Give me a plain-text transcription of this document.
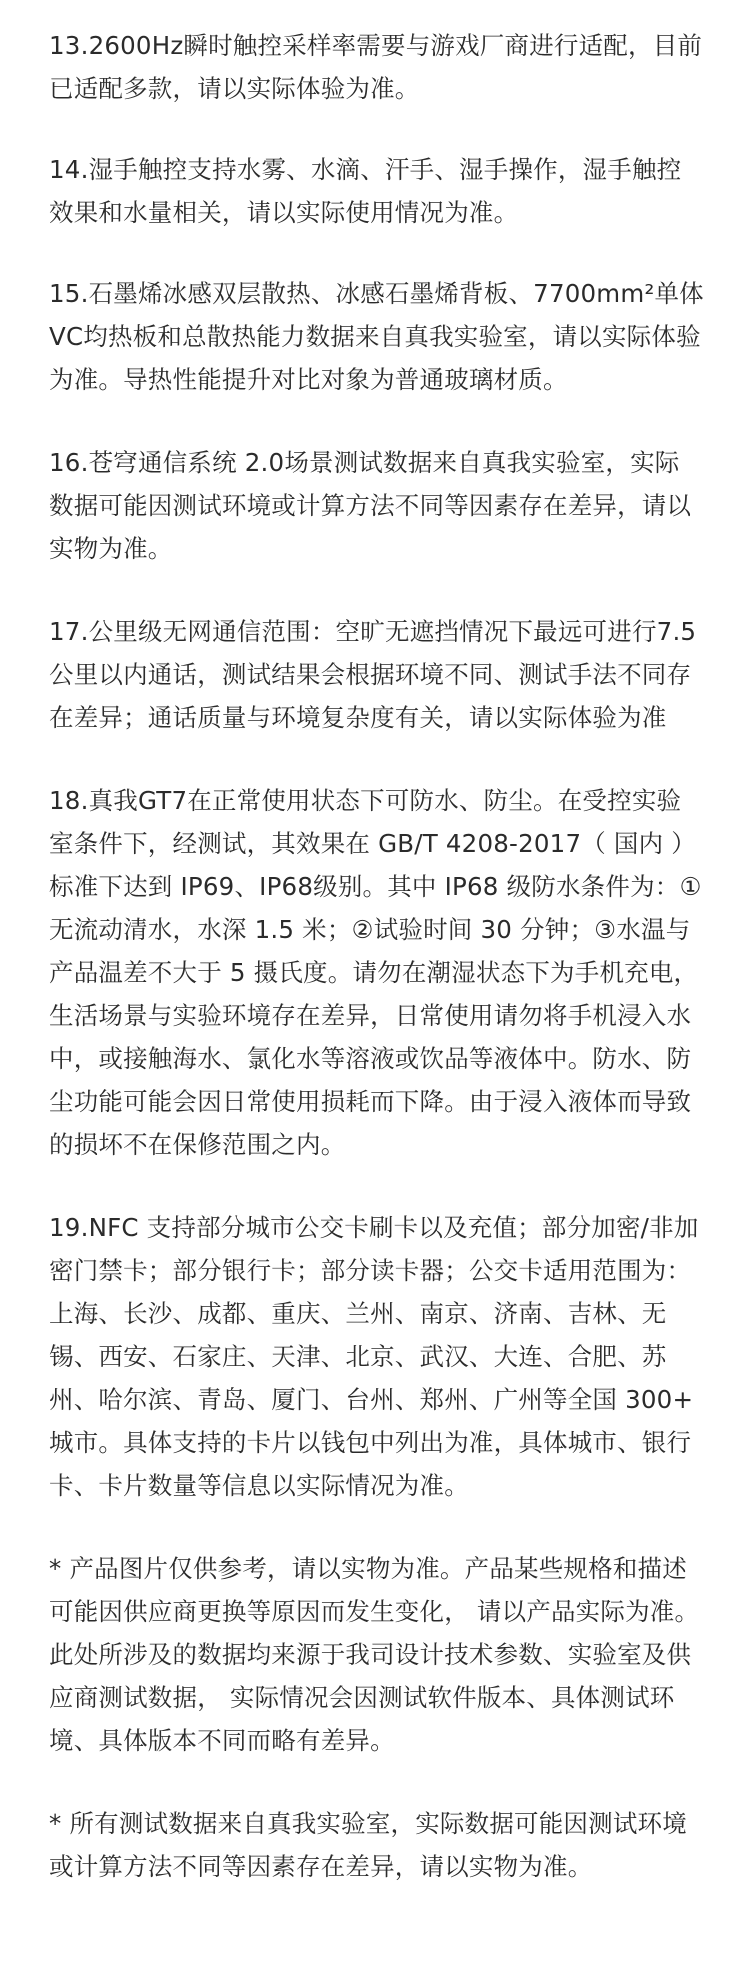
13.2600Hz瞬时触控采样率需要与游戏厂商进行适配，目前已适配多款，请以实际体验为准。

14.湿手触控支持水雾、水滴、汗手、湿手操作，湿手触控效果和水量相关，请以实际使用情况为准。

15.石墨烯冰感双层散热、冰感石墨烯背板、7700mm²单体VC均热板和总散热能力数据来自真我实验室，请以实际体验为准。导热性能提升对比对象为普通玻璃材质。

16.苍穹通信系统 2.0场景测试数据来自真我实验室，实际数据可能因测试环境或计算方法不同等因素存在差异，请以实物为准。

17.公里级无网通信范围：空旷无遮挡情况下最远可进行7.5公里以内通话，测试结果会根据环境不同、测试手法不同存在差异；通话质量与环境复杂度有关，请以实际体验为准

18.真我GT7在正常使用状态下可防水、防尘。在受控实验室条件下，经测试，其效果在 GB/T 4208-2017（ 国内 ）标准下达到 IP69、IP68级别。其中 IP68 级防水条件为：①无流动清水，水深 1.5 米；②试验时间 30 分钟；③水温与产品温差不大于 5 摄氏度。请勿在潮湿状态下为手机充电，生活场景与实验环境存在差异，日常使用请勿将手机浸入水中，或接触海水、氯化水等溶液或饮品等液体中。防水、防尘功能可能会因日常使用损耗而下降。由于浸入液体而导致的损坏不在保修范围之内。

19.NFC 支持部分城市公交卡刷卡以及充值；部分加密/非加密门禁卡；部分银行卡；部分读卡器；公交卡适用范围为：上海、长沙、成都、重庆、兰州、南京、济南、吉林、无锡、西安、石家庄、天津、北京、武汉、大连、合肥、苏州、哈尔滨、青岛、厦门、台州、郑州、广州等全国 300+ 城市。具体支持的卡片以钱包中列出为准，具体城市、银行卡、卡片数量等信息以实际情况为准。

* 产品图片仅供参考，请以实物为准。产品某些规格和描述可能因供应商更换等原因而发生变化， 请以产品实际为准。此处所涉及的数据均来源于我司设计技术参数、实验室及供应商测试数据， 实际情况会因测试软件版本、具体测试环境、具体版本不同而略有差异。

* 所有测试数据来自真我实验室，实际数据可能因测试环境或计算方法不同等因素存在差异，请以实物为准。
